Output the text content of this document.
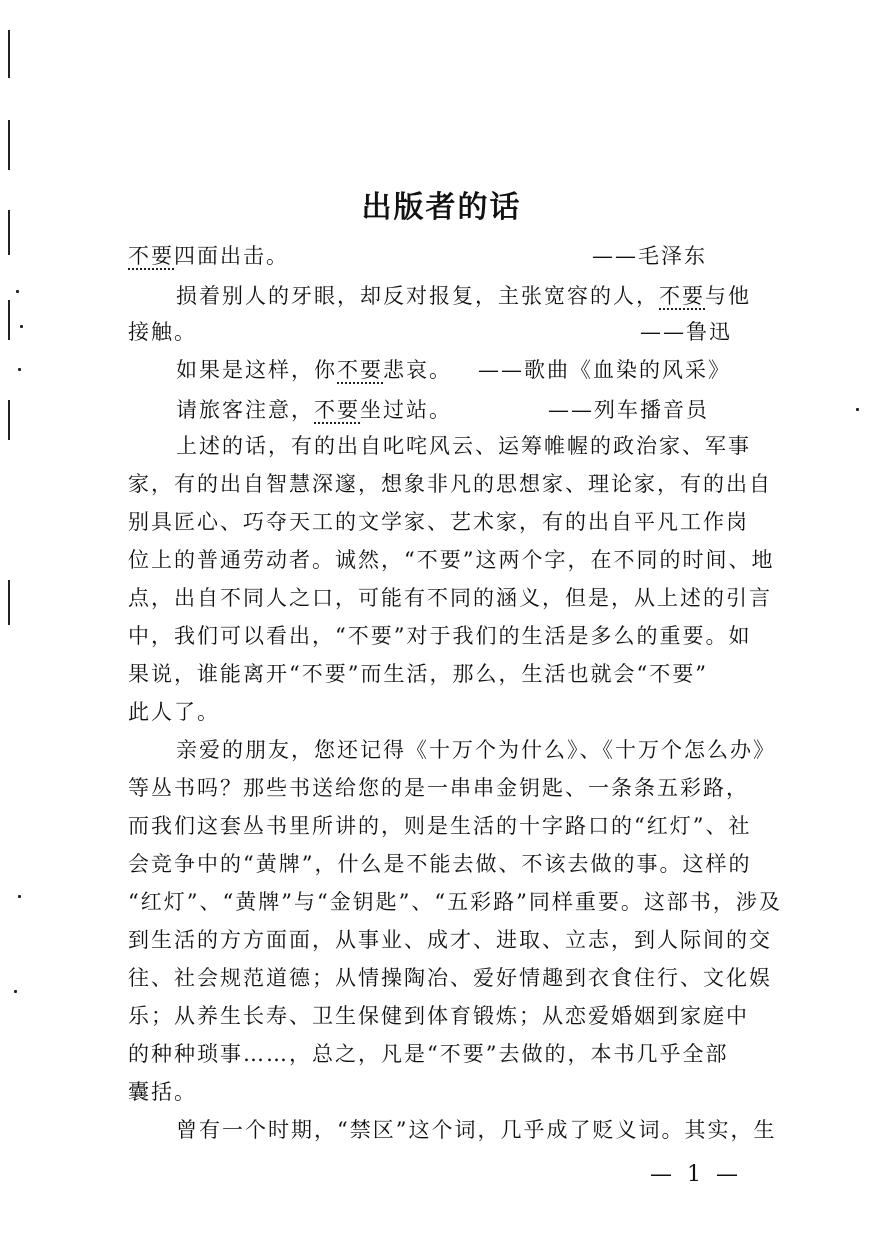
出版者的话
不要四面出击。	——毛泽东
损着别人的牙眼，却反对报复，主张宽容的人，不要与他
接触。	——鲁迅
如果是这样，你不要悲哀。	——歌曲《血染的风采》
请旅客注意，不要坐过站。	——列车播音员
上述的话，有的出自叱咤风云、运筹帷幄的政治家、军事
家，有的出自智慧深邃，想象非凡的思想家、理论家，有的出自
别具匠心、巧夺天工的文学家、艺术家，有的出自平凡工作岗
位上的普通劳动者。诚然，“不要”这两个字，在不同的时间、地
点，出自不同人之口，可能有不同的涵义，但是，从上述的引言
中，我们可以看出，“不要”对于我们的生活是多么的重要。如
果说，谁能离开“不要”而生活，那么，生活也就会“不要”
此人了。
亲爱的朋友，您还记得《十万个为什么》、《十万个怎么办》
等丛书吗？那些书送给您的是一串串金钥匙、一条条五彩路，
而我们这套丛书里所讲的，则是生活的十字路口的“红灯”、社
会竞争中的“黄牌”，什么是不能去做、不该去做的事。这样的
“红灯”、“黄牌”与“金钥匙”、“五彩路”同样重要。这部书，涉及
到生活的方方面面，从事业、成才、进取、立志，到人际间的交
往、社会规范道德；从情操陶冶、爱好情趣到衣食住行、文化娱
乐；从养生长寿、卫生保健到体育锻炼；从恋爱婚姻到家庭中
的种种琐事……，总之，凡是“不要”去做的，本书几乎全部
囊括。
曾有一个时期，“禁区”这个词，几乎成了贬义词。其实，生
— 1 —
